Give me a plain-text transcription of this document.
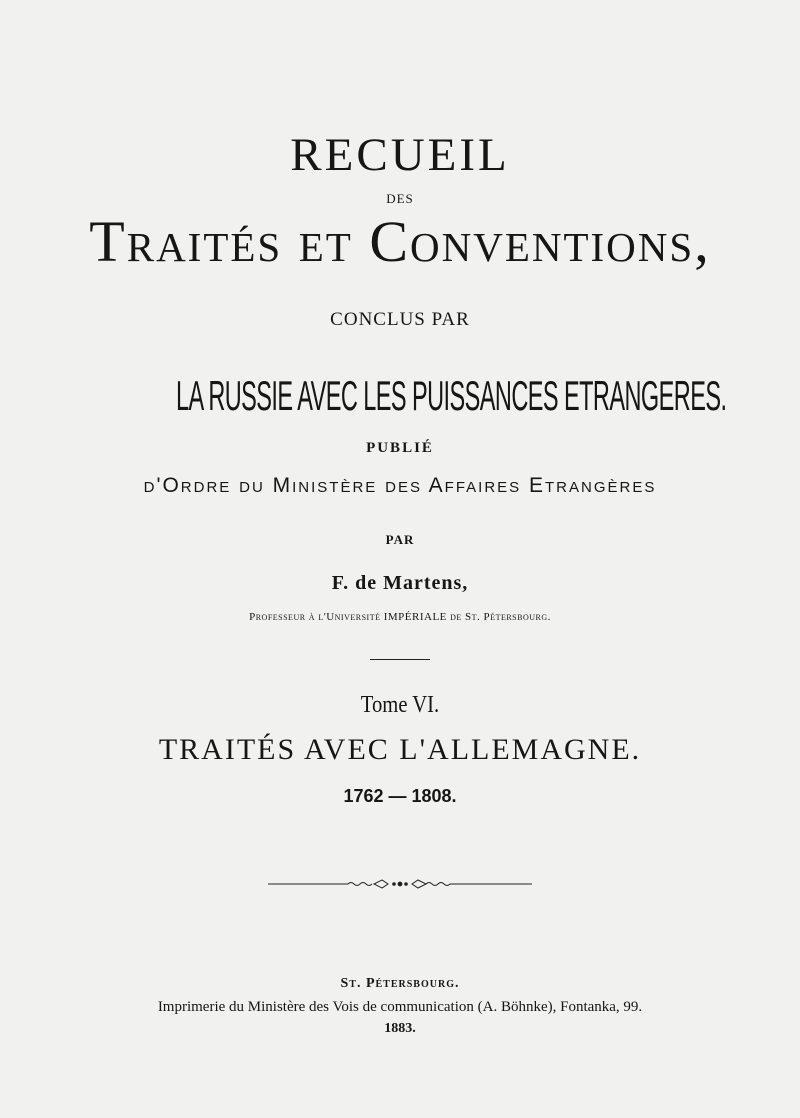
RECUEIL
DES
Traités et Conventions,
CONCLUS PAR
LA RUSSIE AVEC LES PUISSANCES ETRANGERES.
PUBLIÉ
d'Ordre du Ministère des Affaires Etrangères
PAR
F. de Martens,
Professeur à l'Université IMPÉRIALE de St. Pétersbourg.
Tome VI.
TRAITÉS AVEC L'ALLEMAGNE.
1762 — 1808.
St. Pétersbourg.
Imprimerie du Ministère des Vois de communication (A. Böhnke), Fontanka, 99.
1883.
